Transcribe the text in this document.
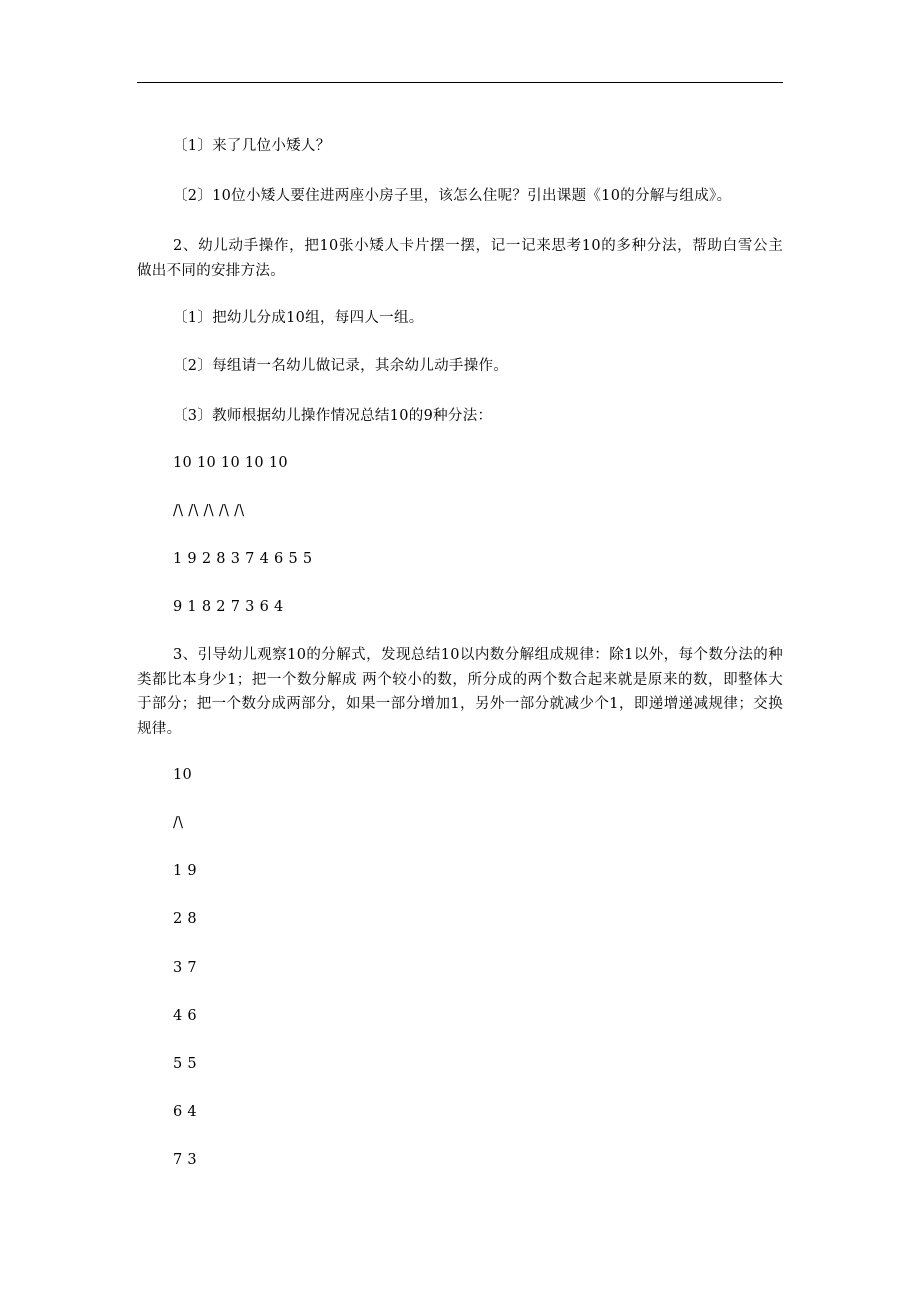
〔1〕来了几位小矮人？
〔2〕10位小矮人要住进两座小房子里，该怎么住呢？引出课题《10的分解与组成》。
2、幼儿动手操作，把10张小矮人卡片摆一摆，记一记来思考10的多种分法，帮助白雪公主做出不同的安排方法。
〔1〕把幼儿分成10组，每四人一组。
〔2〕每组请一名幼儿做记录，其余幼儿动手操作。
〔3〕教师根据幼儿操作情况总结10的9种分法：
10 10 10 10 10
/\ /\ /\ /\ /\
1 9 2 8 3 7 4 6 5 5
9 1 8 2 7 3 6 4
3、引导幼儿观察10的分解式，发现总结10以内数分解组成规律：除1以外，每个数分法的种类都比本身少1；把一个数分解成 两个较小的数，所分成的两个数合起来就是原来的数，即整体大于部分；把一个数分成两部分，如果一部分增加1，另外一部分就减少个1，即递增递减规律；交换规律。
10
/\
1 9
2 8
3 7
4 6
5 5
6 4
7 3
